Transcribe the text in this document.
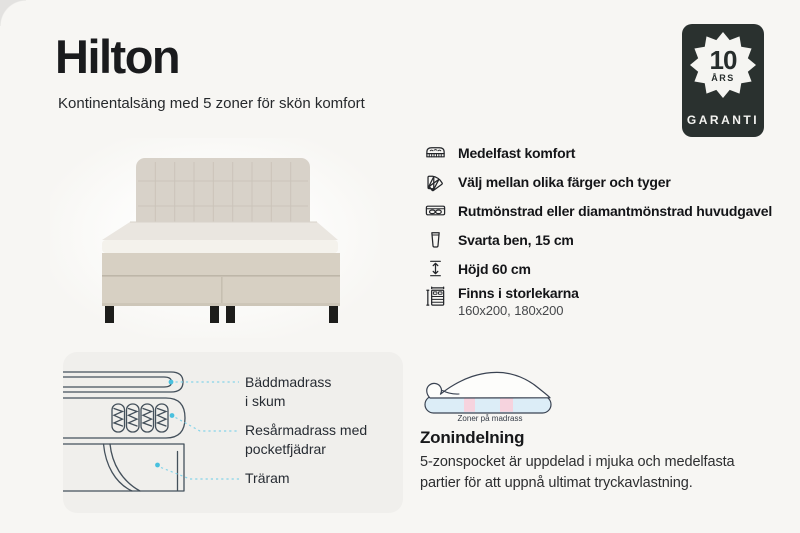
Hilton
Kontinentalsäng med 5 zoner för skön komfort
10
ÅRS
GARANTI
Medelfast komfort
Välj mellan olika färger och tyger
Rutmönstrad eller diamantmönstrad huvudgavel
Svarta ben, 15 cm
Höjd 60 cm
Finns i storlekarna
160x200, 180x200
Bäddmadrass
i skum
Resårmadrass med
pocketfjädrar
Träram
Zoner på madrass
Zonindelning

5-zonspocket är uppdelad i mjuka och medelfasta partier för att uppnå ultimat tryckavlastning.
